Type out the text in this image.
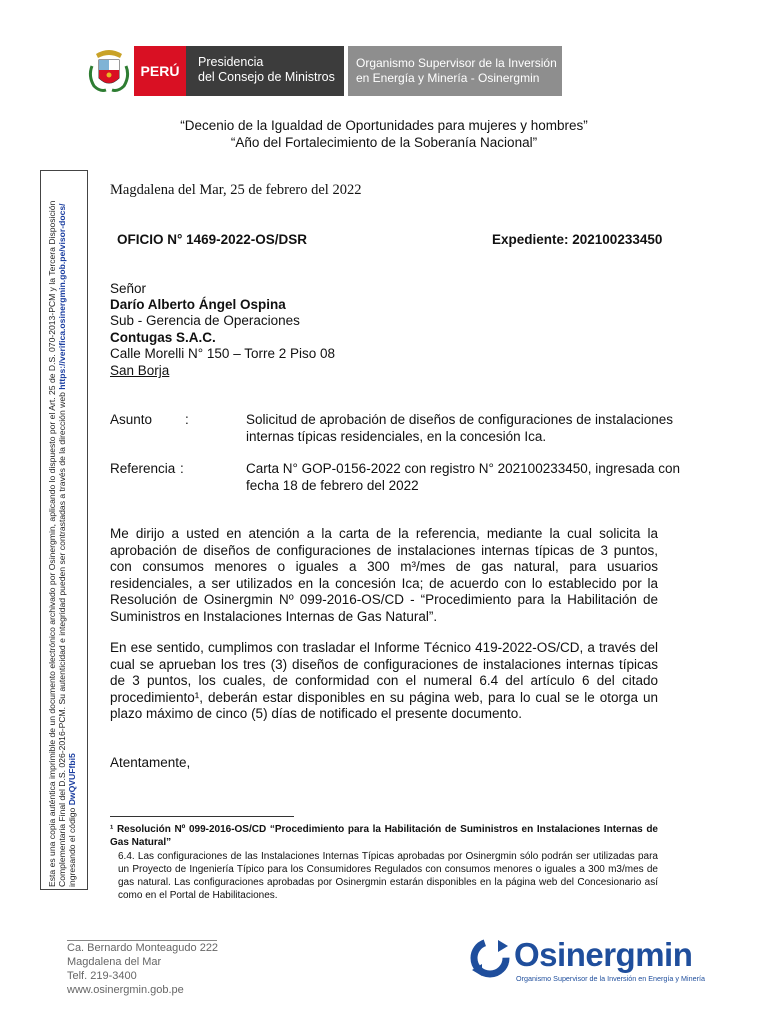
PERÚ
Presidencia
del Consejo de Ministros
Organismo Supervisor de la Inversión
en Energía y Minería - Osinergmin
“Decenio de la Igualdad de Oportunidades para mujeres y hombres”
“Año del Fortalecimiento de la Soberanía Nacional”
Esta es una copia auténtica imprimible de un documento electrónico archivado por Osinergmin, aplicando lo dispuesto por el Art. 25 de D.S. 070-2013-PCM y la Tercera Disposición Complementaria Final del D.S. 026-2016-PCM. Su autenticidad e integridad pueden ser contrastadas a través de la dirección web https://verifica.osinergmin.gob.pe/visor-docs/
ingresando el código DwQVUFfbi5
Magdalena del Mar, 25 de febrero del 2022
OFICIO N° 1469-2022-OS/DSR	Expediente: 202100233450
Señor
Darío Alberto Ángel Ospina
Sub - Gerencia de Operaciones
Contugas S.A.C.
Calle Morelli N° 150 – Torre 2 Piso 08
San Borja
Asunto :	Solicitud de aprobación de diseños de configuraciones de instalaciones
internas típicas residenciales, en la concesión Ica.
Referencia :	Carta N° GOP-0156-2022 con registro N° 202100233450, ingresada con
fecha 18 de febrero del 2022
Me dirijo a usted en atención a la carta de la referencia, mediante la cual solicita la aprobación de diseños de configuraciones de instalaciones internas típicas de 3 puntos, con consumos menores o iguales a 300 m³/mes de gas natural, para usuarios residenciales, a ser utilizados en la concesión Ica; de acuerdo con lo establecido por la Resolución de Osinergmin Nº 099-2016-OS/CD - “Procedimiento para la Habilitación de Suministros en Instalaciones Internas de Gas Natural”.
En ese sentido, cumplimos con trasladar el Informe Técnico 419-2022-OS/CD, a través del cual se aprueban los tres (3) diseños de configuraciones de instalaciones internas típicas de 3 puntos, los cuales, de conformidad con el numeral 6.4 del artículo 6 del citado procedimiento¹, deberán estar disponibles en su página web, para lo cual se le otorga un plazo máximo de cinco (5) días de notificado el presente documento.
Atentamente,
¹ Resolución Nº 099-2016-OS/CD “Procedimiento para la Habilitación de Suministros en Instalaciones Internas de Gas Natural”
6.4. Las configuraciones de las Instalaciones Internas Típicas aprobadas por Osinergmin sólo podrán ser utilizadas para un Proyecto de Ingeniería Típico para los Consumidores Regulados con consumos menores o iguales a 300 m3/mes de gas natural. Las configuraciones aprobadas por Osinergmin estarán disponibles en la página web del Concesionario así como en el Portal de Habilitaciones.
Ca. Bernardo Monteagudo 222
Magdalena del Mar
Telf. 219-3400
www.osinergmin.gob.pe
Osinergmin
Organismo Supervisor de la Inversión en Energía y Minería
